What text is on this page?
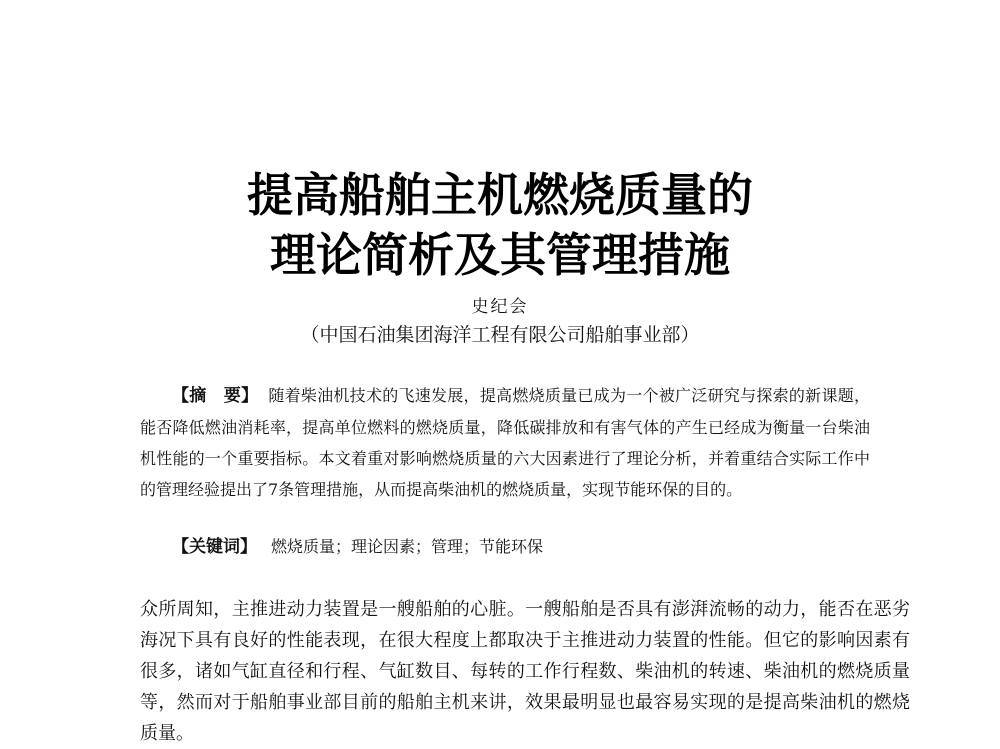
提高船舶主机燃烧质量的
理论简析及其管理措施
史纪会
（中国石油集团海洋工程有限公司船舶事业部）

【摘　要】 随着柴油机技术的飞速发展，提高燃烧质量已成为一个被广泛研究与探索的新课题，能否降低燃油消耗率，提高单位燃料的燃烧质量，降低碳排放和有害气体的产生已经成为衡量一台柴油机性能的一个重要指标。本文着重对影响燃烧质量的六大因素进行了理论分析，并着重结合实际工作中的管理经验提出了7条管理措施，从而提高柴油机的燃烧质量，实现节能环保的目的。

【关键词】 燃烧质量；理论因素；管理；节能环保

众所周知，主推进动力装置是一艘船舶的心脏。一艘船舶是否具有澎湃流畅的动力，能否在恶劣海况下具有良好的性能表现，在很大程度上都取决于主推进动力装置的性能。但它的影响因素有很多，诸如气缸直径和行程、气缸数目、每转的工作行程数、柴油机的转速、柴油机的燃烧质量等，然而对于船舶事业部目前的船舶主机来讲，效果最明显也最容易实现的是提高柴油机的燃烧质量。
